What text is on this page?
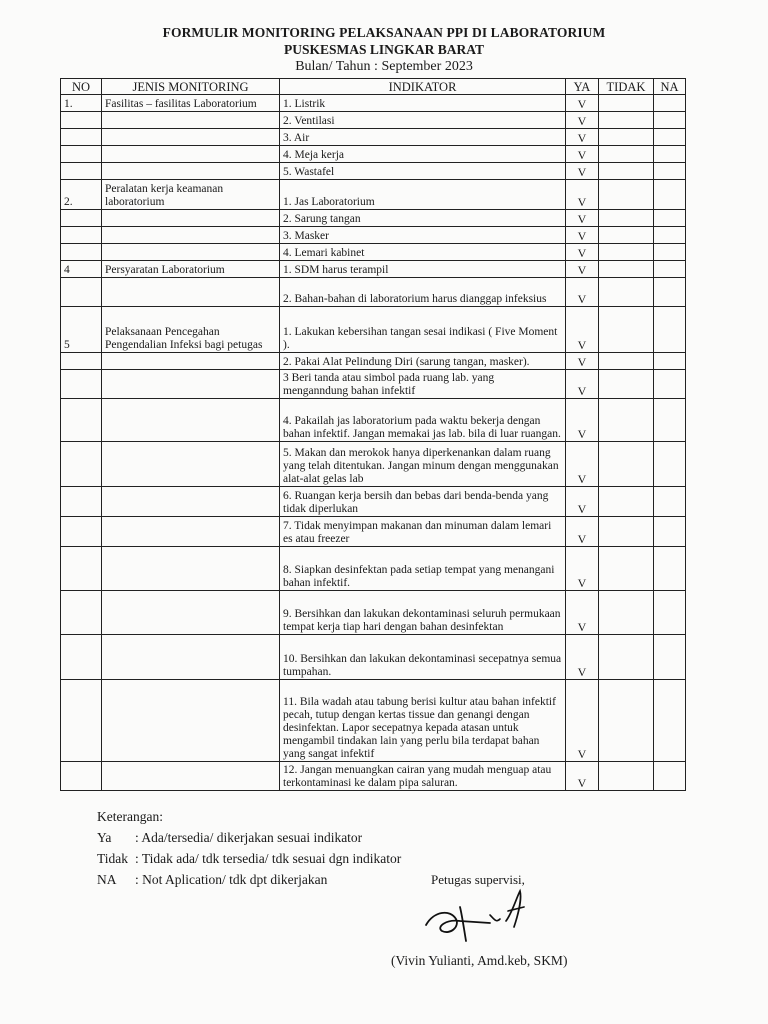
FORMULIR MONITORING PELAKSANAAN PPI DI LABORATORIUM
PUSKESMAS LINGKAR BARAT
Bulan/ Tahun : September 2023
NO	JENIS MONITORING	INDIKATOR	YA	TIDAK	NA
1.	Fasilitas – fasilitas Laboratorium	1. Listrik	V		
		2. Ventilasi	V		
		3. Air	V		
		4. Meja kerja	V		
		5. Wastafel	V		
2.	Peralatan kerja keamanan laboratorium	1. Jas Laboratorium	V		
		2. Sarung tangan	V		
		3. Masker	V		
		4. Lemari kabinet	V		
4	Persyaratan Laboratorium	1. SDM harus terampil	V		
		2. Bahan-bahan di laboratorium harus dianggap infeksius	V		
5	Pelaksanaan Pencegahan Pengendalian Infeksi bagi petugas	1. Lakukan kebersihan tangan sesai indikasi ( Five Moment ).	V		
		2. Pakai Alat Pelindung Diri (sarung tangan, masker).	V		
		3 Beri tanda atau simbol pada ruang lab. yang menganndung bahan infektif	V		
		4. Pakailah jas laboratorium pada waktu bekerja dengan bahan infektif. Jangan memakai jas lab. bila di luar ruangan.	V		
		5. Makan dan merokok hanya diperkenankan dalam ruang yang telah ditentukan. Jangan minum dengan menggunakan alat-alat gelas lab	V		
		6. Ruangan kerja bersih dan bebas dari benda-benda yang tidak diperlukan	V		
		7. Tidak menyimpan makanan dan minuman dalam lemari es atau freezer	V		
		8. Siapkan desinfektan pada setiap tempat yang menangani bahan infektif.	V		
		9. Bersihkan dan lakukan dekontaminasi seluruh permukaan tempat kerja tiap hari dengan bahan desinfektan	V		
		10. Bersihkan dan lakukan dekontaminasi secepatnya semua tumpahan.	V		
		11. Bila wadah atau tabung berisi kultur atau bahan infektif pecah, tutup dengan kertas tissue dan genangi dengan desinfektan. Lapor secepatnya kepada atasan untuk mengambil tindakan lain yang perlu bila terdapat bahan yang sangat infektif	V		
		12. Jangan menuangkan cairan yang mudah menguap atau terkontaminasi ke dalam pipa saluran.	V		
Keterangan:
Ya	: Ada/tersedia/ dikerjakan sesuai indikator
Tidak : Tidak ada/ tdk tersedia/ tdk sesuai dgn indikator
NA	: Not Aplication/ tdk dpt dikerjakan	Petugas supervisi,
(Vivin Yulianti, Amd.keb, SKM)
